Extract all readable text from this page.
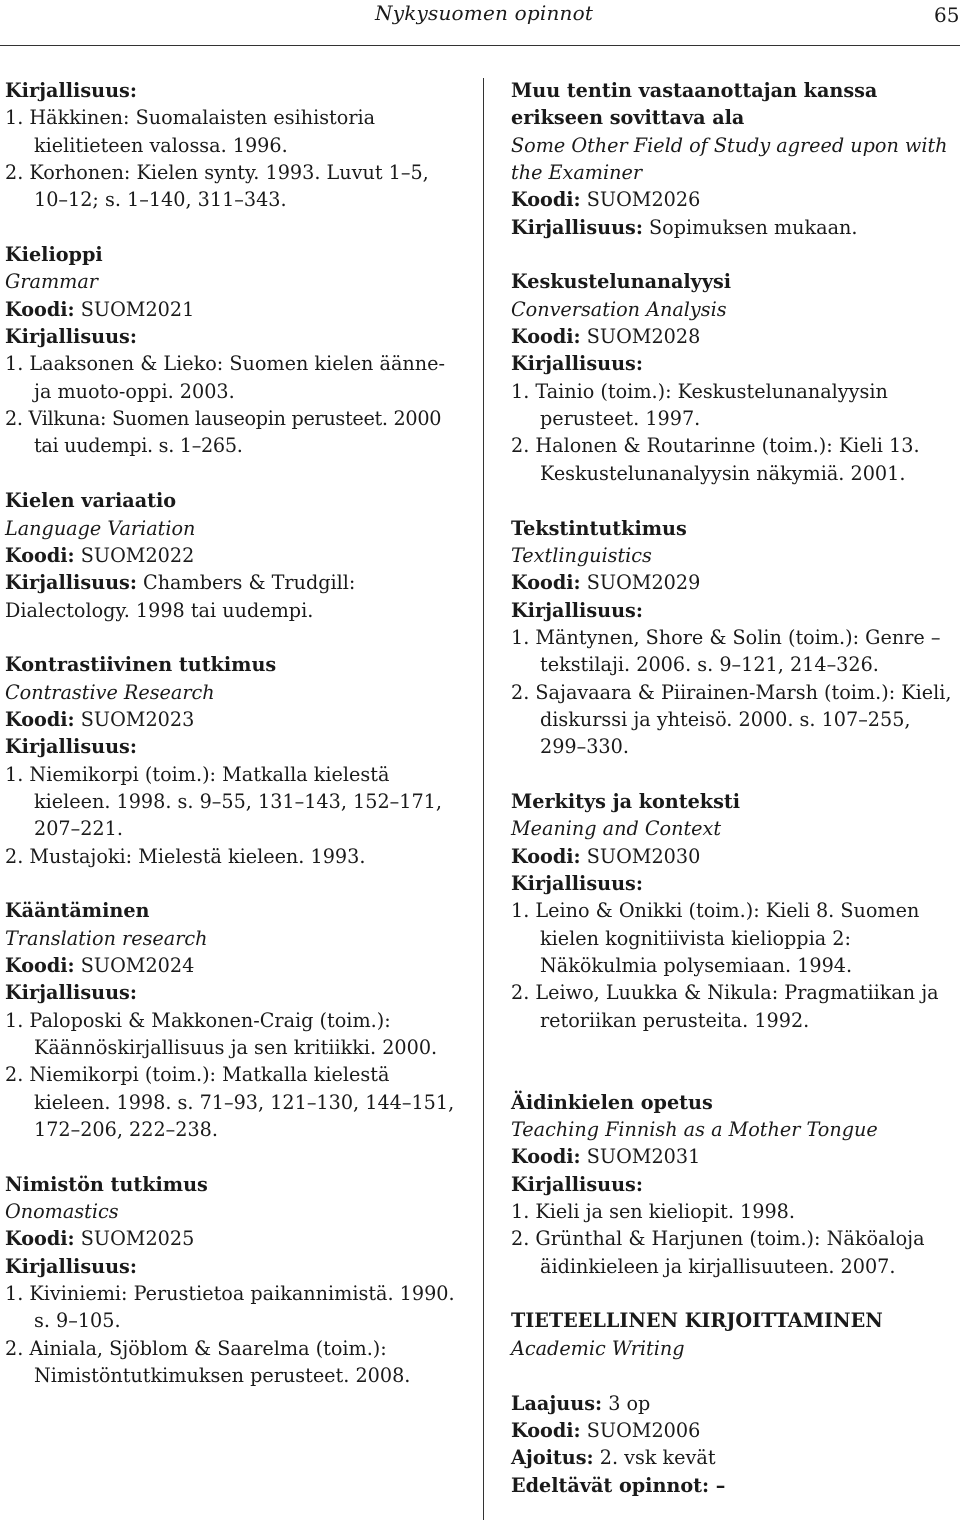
Nykysuomen opinnot	65
Kirjallisuus:
1. Häkkinen: Suomalaisten esihistoria kielitieteen valossa. 1996.
2. Korhonen: Kielen synty. 1993. Luvut 1–5, 10–12; s. 1–140, 311–343.
Kielioppi
Grammar
Koodi: SUOM2021
Kirjallisuus:
1. Laaksonen & Lieko: Suomen kielen äänne- ja muoto-oppi. 2003.
2. Vilkuna: Suomen lauseopin perusteet. 2000 tai uudempi. s. 1–265.
Kielen variaatio
Language Variation
Koodi: SUOM2022
Kirjallisuus: Chambers & Trudgill: Dialectology. 1998 tai uudempi.
Kontrastiivinen tutkimus
Contrastive Research
Koodi: SUOM2023
Kirjallisuus:
1. Niemikorpi (toim.): Matkalla kielestä kieleen. 1998. s. 9–55, 131–143, 152–171, 207–221.
2. Mustajoki: Mielestä kieleen. 1993.
Kääntäminen
Translation research
Koodi: SUOM2024
Kirjallisuus:
1. Paloposki & Makkonen-Craig (toim.): Käännöskirjallisuus ja sen kritiikki. 2000.
2. Niemikorpi (toim.): Matkalla kielestä kieleen. 1998. s. 71–93, 121–130, 144–151, 172–206, 222–238.
Nimistön tutkimus
Onomastics
Koodi: SUOM2025
Kirjallisuus:
1. Kiviniemi: Perustietoa paikannimistä. 1990. s. 9–105.
2. Ainiala, Sjöblom & Saarelma (toim.): Nimistöntutkimuksen perusteet. 2008.
Muu tentin vastaanottajan kanssa erikseen sovittava ala
Some Other Field of Study agreed upon with the Examiner
Koodi: SUOM2026
Kirjallisuus: Sopimuksen mukaan.
Keskustelunanalyysi
Conversation Analysis
Koodi: SUOM2028
Kirjallisuus:
1. Tainio (toim.): Keskustelunanalyysin perusteet. 1997.
2. Halonen & Routarinne (toim.): Kieli 13. Keskustelunanalyysin näkymiä. 2001.
Tekstintutkimus
Textlinguistics
Koodi: SUOM2029
Kirjallisuus:
1. Mäntynen, Shore & Solin (toim.): Genre – tekstilaji. 2006. s. 9–121, 214–326.
2. Sajavaara & Piirainen-Marsh (toim.): Kieli, diskurssi ja yhteisö. 2000. s. 107–255, 299–330.
Merkitys ja konteksti
Meaning and Context
Koodi: SUOM2030
Kirjallisuus:
1. Leino & Onikki (toim.): Kieli 8. Suomen kielen kognitiivista kielioppia 2: Näkökulmia polysemiaan. 1994.
2. Leiwo, Luukka & Nikula: Pragmatiikan ja retoriikan perusteita. 1992.
Äidinkielen opetus
Teaching Finnish as a Mother Tongue
Koodi: SUOM2031
Kirjallisuus:
1. Kieli ja sen kieliopit. 1998.
2. Grünthal & Harjunen (toim.): Näköaloja äidinkieleen ja kirjallisuuteen. 2007.
TIETEELLINEN KIRJOITTAMINEN
Academic Writing
Laajuus: 3 op
Koodi: SUOM2006
Ajoitus: 2. vsk kevät
Edeltävät opinnot: –
